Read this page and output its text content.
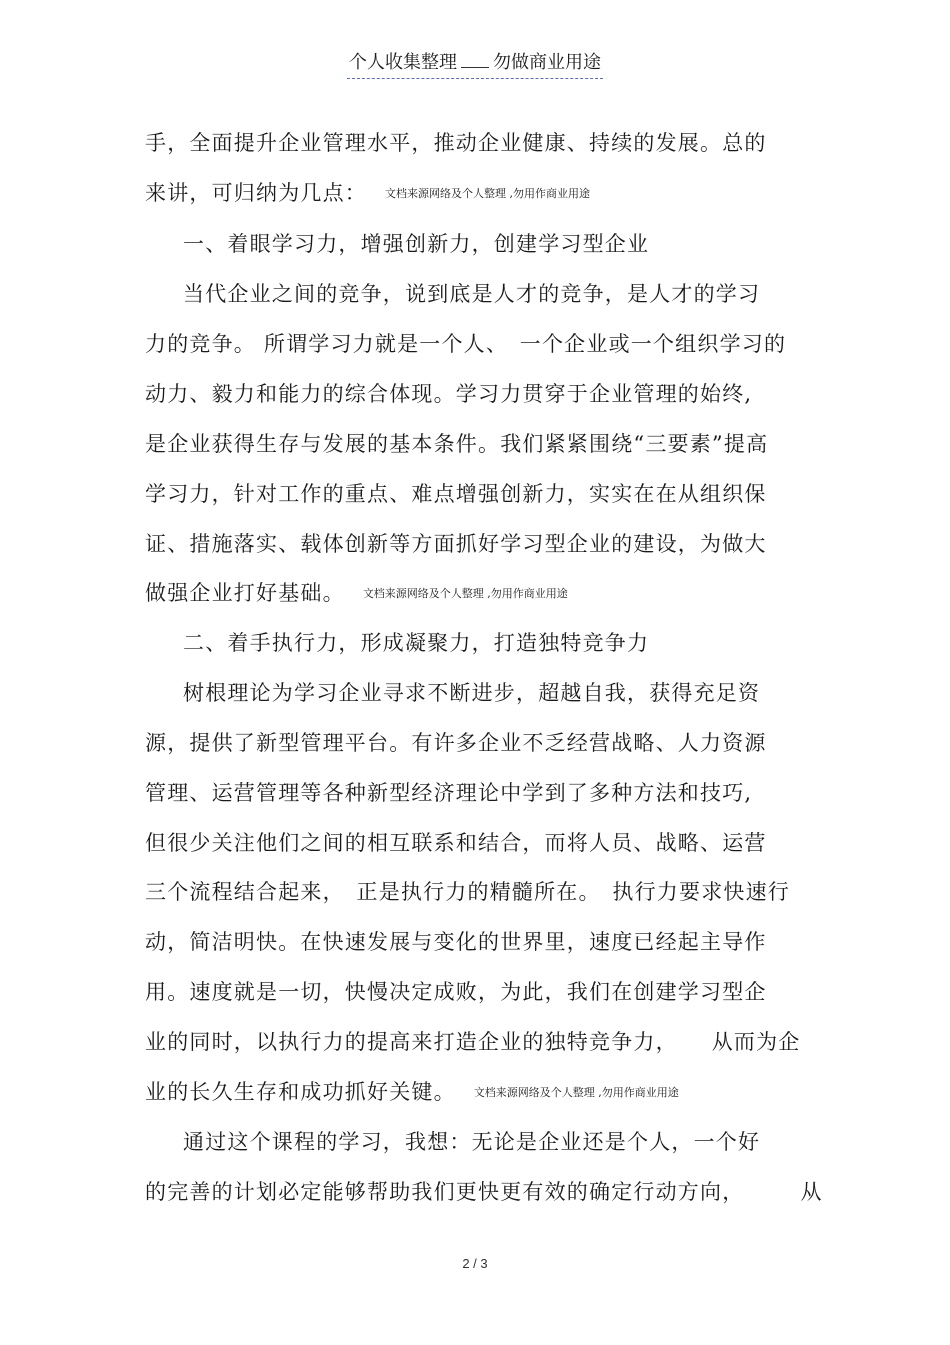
个人收集整理 勿做商业用途
手，全面提升企业管理水平，推动企业健康、持续的发展。总的
来讲，可归纳为几点： 文档来源网络及个人整理 ,勿用作商业用途
一、着眼学习力，增强创新力，创建学习型企业
当代企业之间的竞争，说到底是人才的竞争，是人才的学习
力的竞争。 所谓学习力就是一个人、　一个企业或一个组织学习的
动力、毅力和能力的综合体现。学习力贯穿于企业管理的始终,
是企业获得生存与发展的基本条件。我们紧紧围绕“三要素”提高
学习力，针对工作的重点、难点增强创新力，实实在在从组织保
证、措施落实、载体创新等方面抓好学习型企业的建设，为做大
做强企业打好基础。 文档来源网络及个人整理 ,勿用作商业用途
二、着手执行力，形成凝聚力，打造独特竞争力
树根理论为学习企业寻求不断进步，超越自我，获得充足资
源，提供了新型管理平台。有许多企业不乏经营战略、人力资源
管理、运营管理等各种新型经济理论中学到了多种方法和技巧,
但很少关注他们之间的相互联系和结合，而将人员、战略、运营
三个流程结合起来，　正是执行力的精髓所在。　执行力要求快速行
动，简洁明快。在快速发展与变化的世界里，速度已经起主导作
用。速度就是一切，快慢决定成败，为此，我们在创建学习型企
业的同时，以执行力的提高来打造企业的独特竞争力，　　从而为企
业的长久生存和成功抓好关键。 文档来源网络及个人整理 ,勿用作商业用途
通过这个课程的学习，我想：无论是企业还是个人，一个好
的完善的计划必定能够帮助我们更快更有效的确定行动方向，　　　从
2 / 3
